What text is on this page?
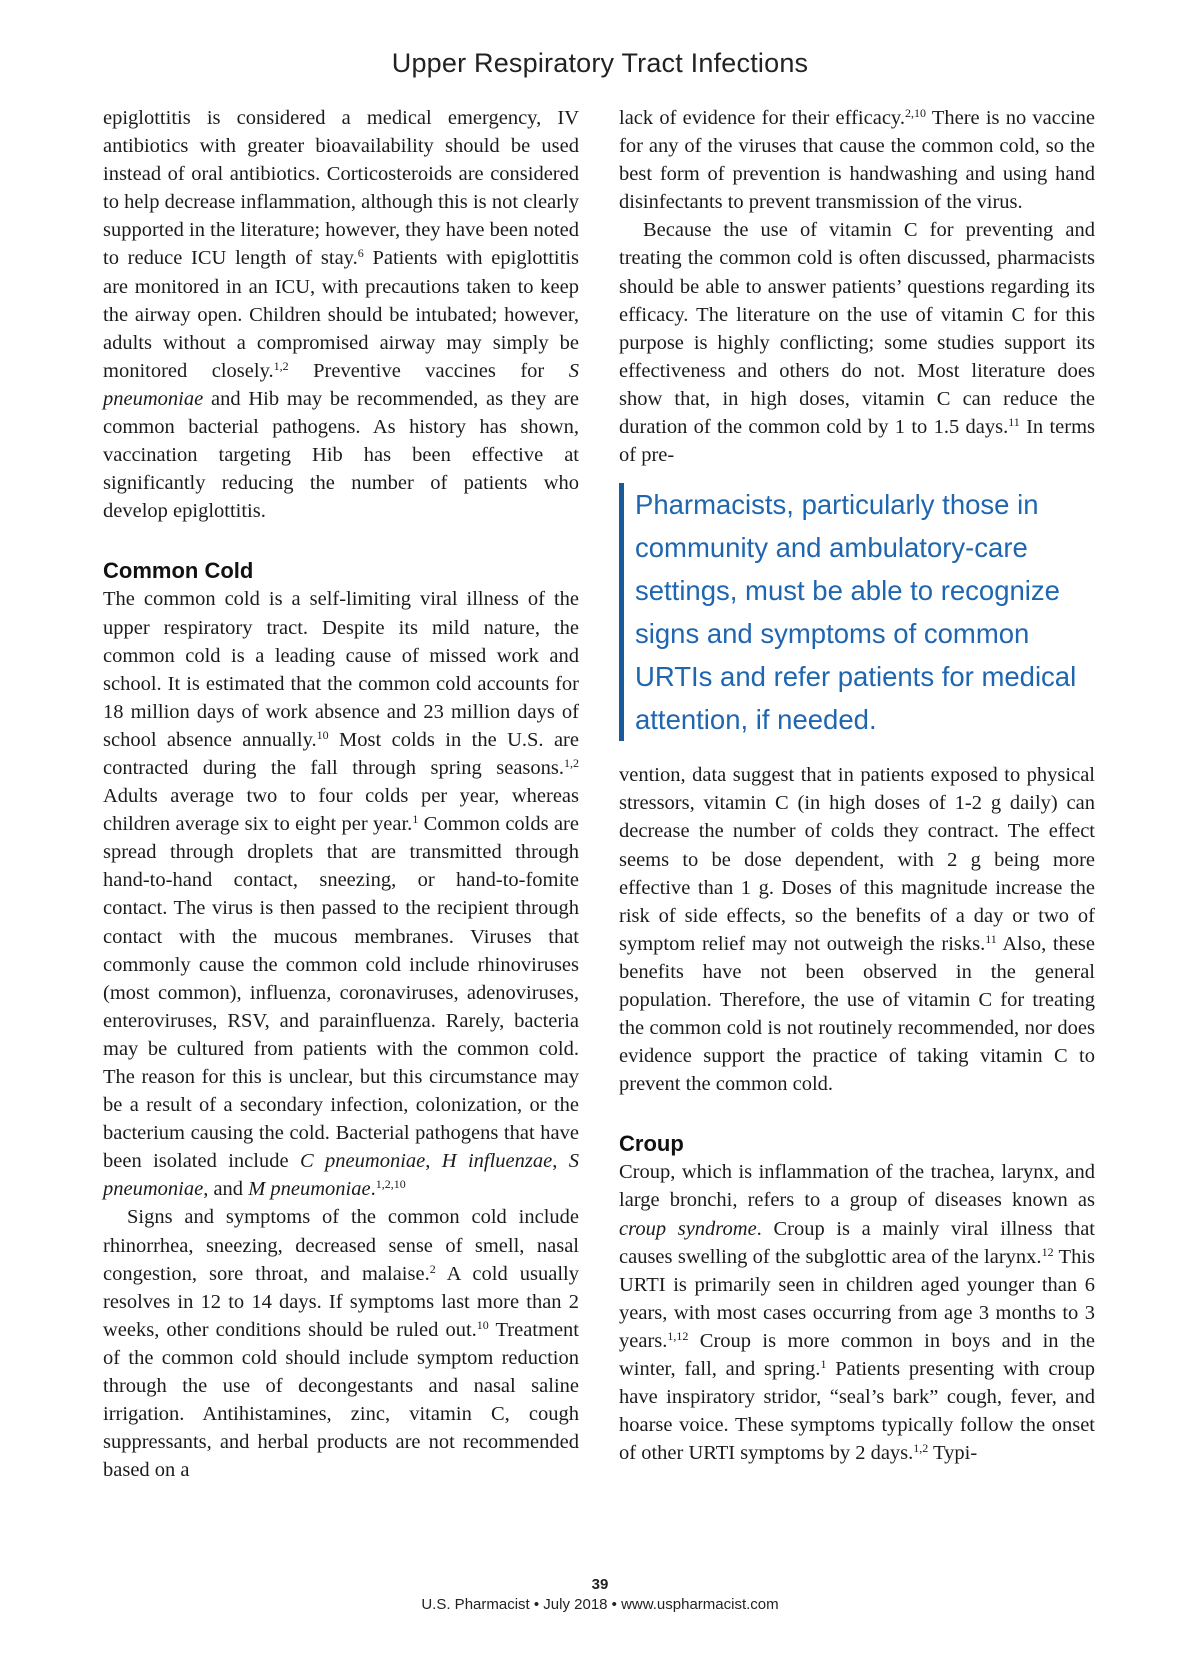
Upper Respiratory Tract Infections

epiglottitis is considered a medical emergency, IV antibiotics with greater bioavailability should be used instead of oral antibiotics. Corticosteroids are considered to help decrease inflammation, although this is not clearly supported in the literature; however, they have been noted to reduce ICU length of stay.$^6$ Patients with epiglottitis are monitored in an ICU, with precautions taken to keep the airway open. Children should be intubated; however, adults without a compromised airway may simply be monitored closely.$^{1,2}$ Preventive vaccines for S pneumoniae and Hib may be recommended, as they are common bacterial pathogens. As history has shown, vaccination targeting Hib has been effective at significantly reducing the number of patients who develop epiglottitis.

Common Cold

The common cold is a self-limiting viral illness of the upper respiratory tract. Despite its mild nature, the common cold is a leading cause of missed work and school. It is estimated that the common cold accounts for 18 million days of work absence and 23 million days of school absence annually.$^{10}$ Most colds in the U.S. are contracted during the fall through spring seasons.$^{1,2}$ Adults average two to four colds per year, whereas children average six to eight per year.$^1$ Common colds are spread through droplets that are transmitted through hand-to-hand contact, sneezing, or hand-to-fomite contact. The virus is then passed to the recipient through contact with the mucous membranes. Viruses that commonly cause the common cold include rhinoviruses (most common), influenza, coronaviruses, adenoviruses, enteroviruses, RSV, and parainfluenza. Rarely, bacteria may be cultured from patients with the common cold. The reason for this is unclear, but this circumstance may be a result of a secondary infection, colonization, or the bacterium causing the cold. Bacterial pathogens that have been isolated include C pneumoniae, H influenzae, S pneumoniae, and M pneumoniae.$^{1,2,10}$

Signs and symptoms of the common cold include rhinorrhea, sneezing, decreased sense of smell, nasal congestion, sore throat, and malaise.$^2$ A cold usually resolves in 12 to 14 days. If symptoms last more than 2 weeks, other conditions should be ruled out.$^{10}$ Treatment of the common cold should include symptom reduction through the use of decongestants and nasal saline irrigation. Antihistamines, zinc, vitamin C, cough suppressants, and herbal products are not recommended based on a

lack of evidence for their efficacy.$^{2,10}$ There is no vaccine for any of the viruses that cause the common cold, so the best form of prevention is handwashing and using hand disinfectants to prevent transmission of the virus.

Because the use of vitamin C for preventing and treating the common cold is often discussed, pharmacists should be able to answer patients’ questions regarding its efficacy. The literature on the use of vitamin C for this purpose is highly conflicting; some studies support its effectiveness and others do not. Most literature does show that, in high doses, vitamin C can reduce the duration of the common cold by 1 to 1.5 days.$^{11}$ In terms of pre-

Pharmacists, particularly those in community and ambulatory-care settings, must be able to recognize signs and symptoms of common URTIs and refer patients for medical attention, if needed.

vention, data suggest that in patients exposed to physical stressors, vitamin C (in high doses of 1-2 g daily) can decrease the number of colds they contract. The effect seems to be dose dependent, with 2 g being more effective than 1 g. Doses of this magnitude increase the risk of side effects, so the benefits of a day or two of symptom relief may not outweigh the risks.$^{11}$ Also, these benefits have not been observed in the general population. Therefore, the use of vitamin C for treating the common cold is not routinely recommended, nor does evidence support the practice of taking vitamin C to prevent the common cold.

Croup

Croup, which is inflammation of the trachea, larynx, and large bronchi, refers to a group of diseases known as croup syndrome. Croup is a mainly viral illness that causes swelling of the subglottic area of the larynx.$^{12}$ This URTI is primarily seen in children aged younger than 6 years, with most cases occurring from age 3 months to 3 years.$^{1,12}$ Croup is more common in boys and in the winter, fall, and spring.$^1$ Patients presenting with croup have inspiratory stridor, “seal’s bark” cough, fever, and hoarse voice. These symptoms typically follow the onset of other URTI symptoms by 2 days.$^{1,2}$ Typi-

39
U.S. Pharmacist • July 2018 • www.uspharmacist.com
